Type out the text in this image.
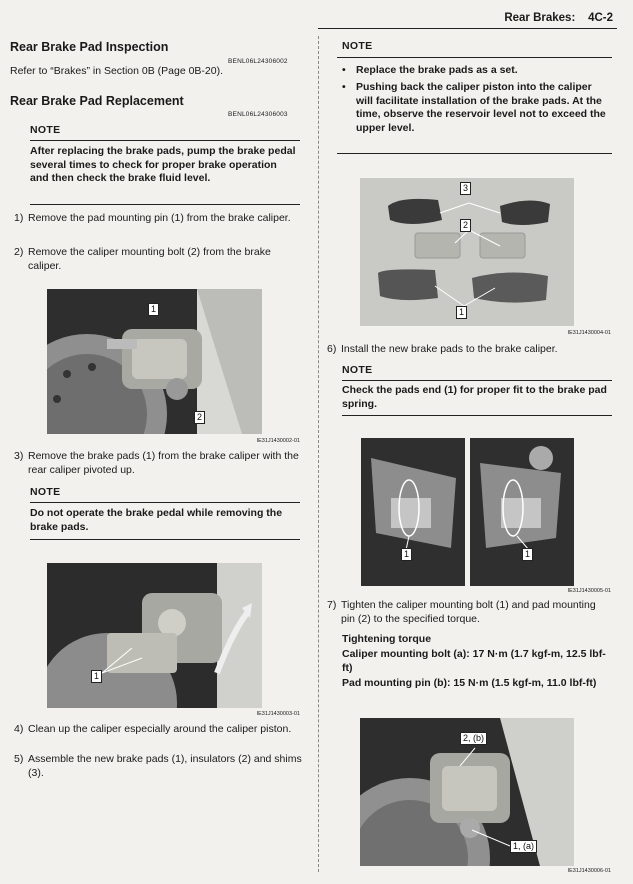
Rear Brakes: 4C-2
Rear Brake Pad Inspection
BENL06L24306002
Refer to “Brakes” in Section 0B (Page 0B-20).
Rear Brake Pad Replacement
BENL06L24306003
NOTE
After replacing the brake pads, pump the brake pedal several times to check for proper brake operation and then check the brake fluid level.
1) Remove the pad mounting pin (1) from the brake caliper.
2) Remove the caliper mounting bolt (2) from the brake caliper.
1
2
IE31J1430002-01
3) Remove the brake pads (1) from the brake caliper with the rear caliper pivoted up.
NOTE
Do not operate the brake pedal while removing the brake pads.
1
IE31J1430003-01
4) Clean up the caliper especially around the caliper piston.
5) Assemble the new brake pads (1), insulators (2) and shims (3).
NOTE
• Replace the brake pads as a set.
• Pushing back the caliper piston into the caliper will facilitate installation of the brake pads. At the time, observe the reservoir level not to exceed the upper level.
3
2
1
IE31J1430004-01
6) Install the new brake pads to the brake caliper.
NOTE
Check the pads end (1) for proper fit to the brake pad spring.
1	1
IE31J1430005-01
7) Tighten the caliper mounting bolt (1) and pad mounting pin (2) to the specified torque.
Tightening torque
Caliper mounting bolt (a): 17 N·m (1.7 kgf-m, 12.5 lbf-ft)
Pad mounting pin (b): 15 N·m (1.5 kgf-m, 11.0 lbf-ft)
2, (b)
1, (a)
IE31J1430006-01
